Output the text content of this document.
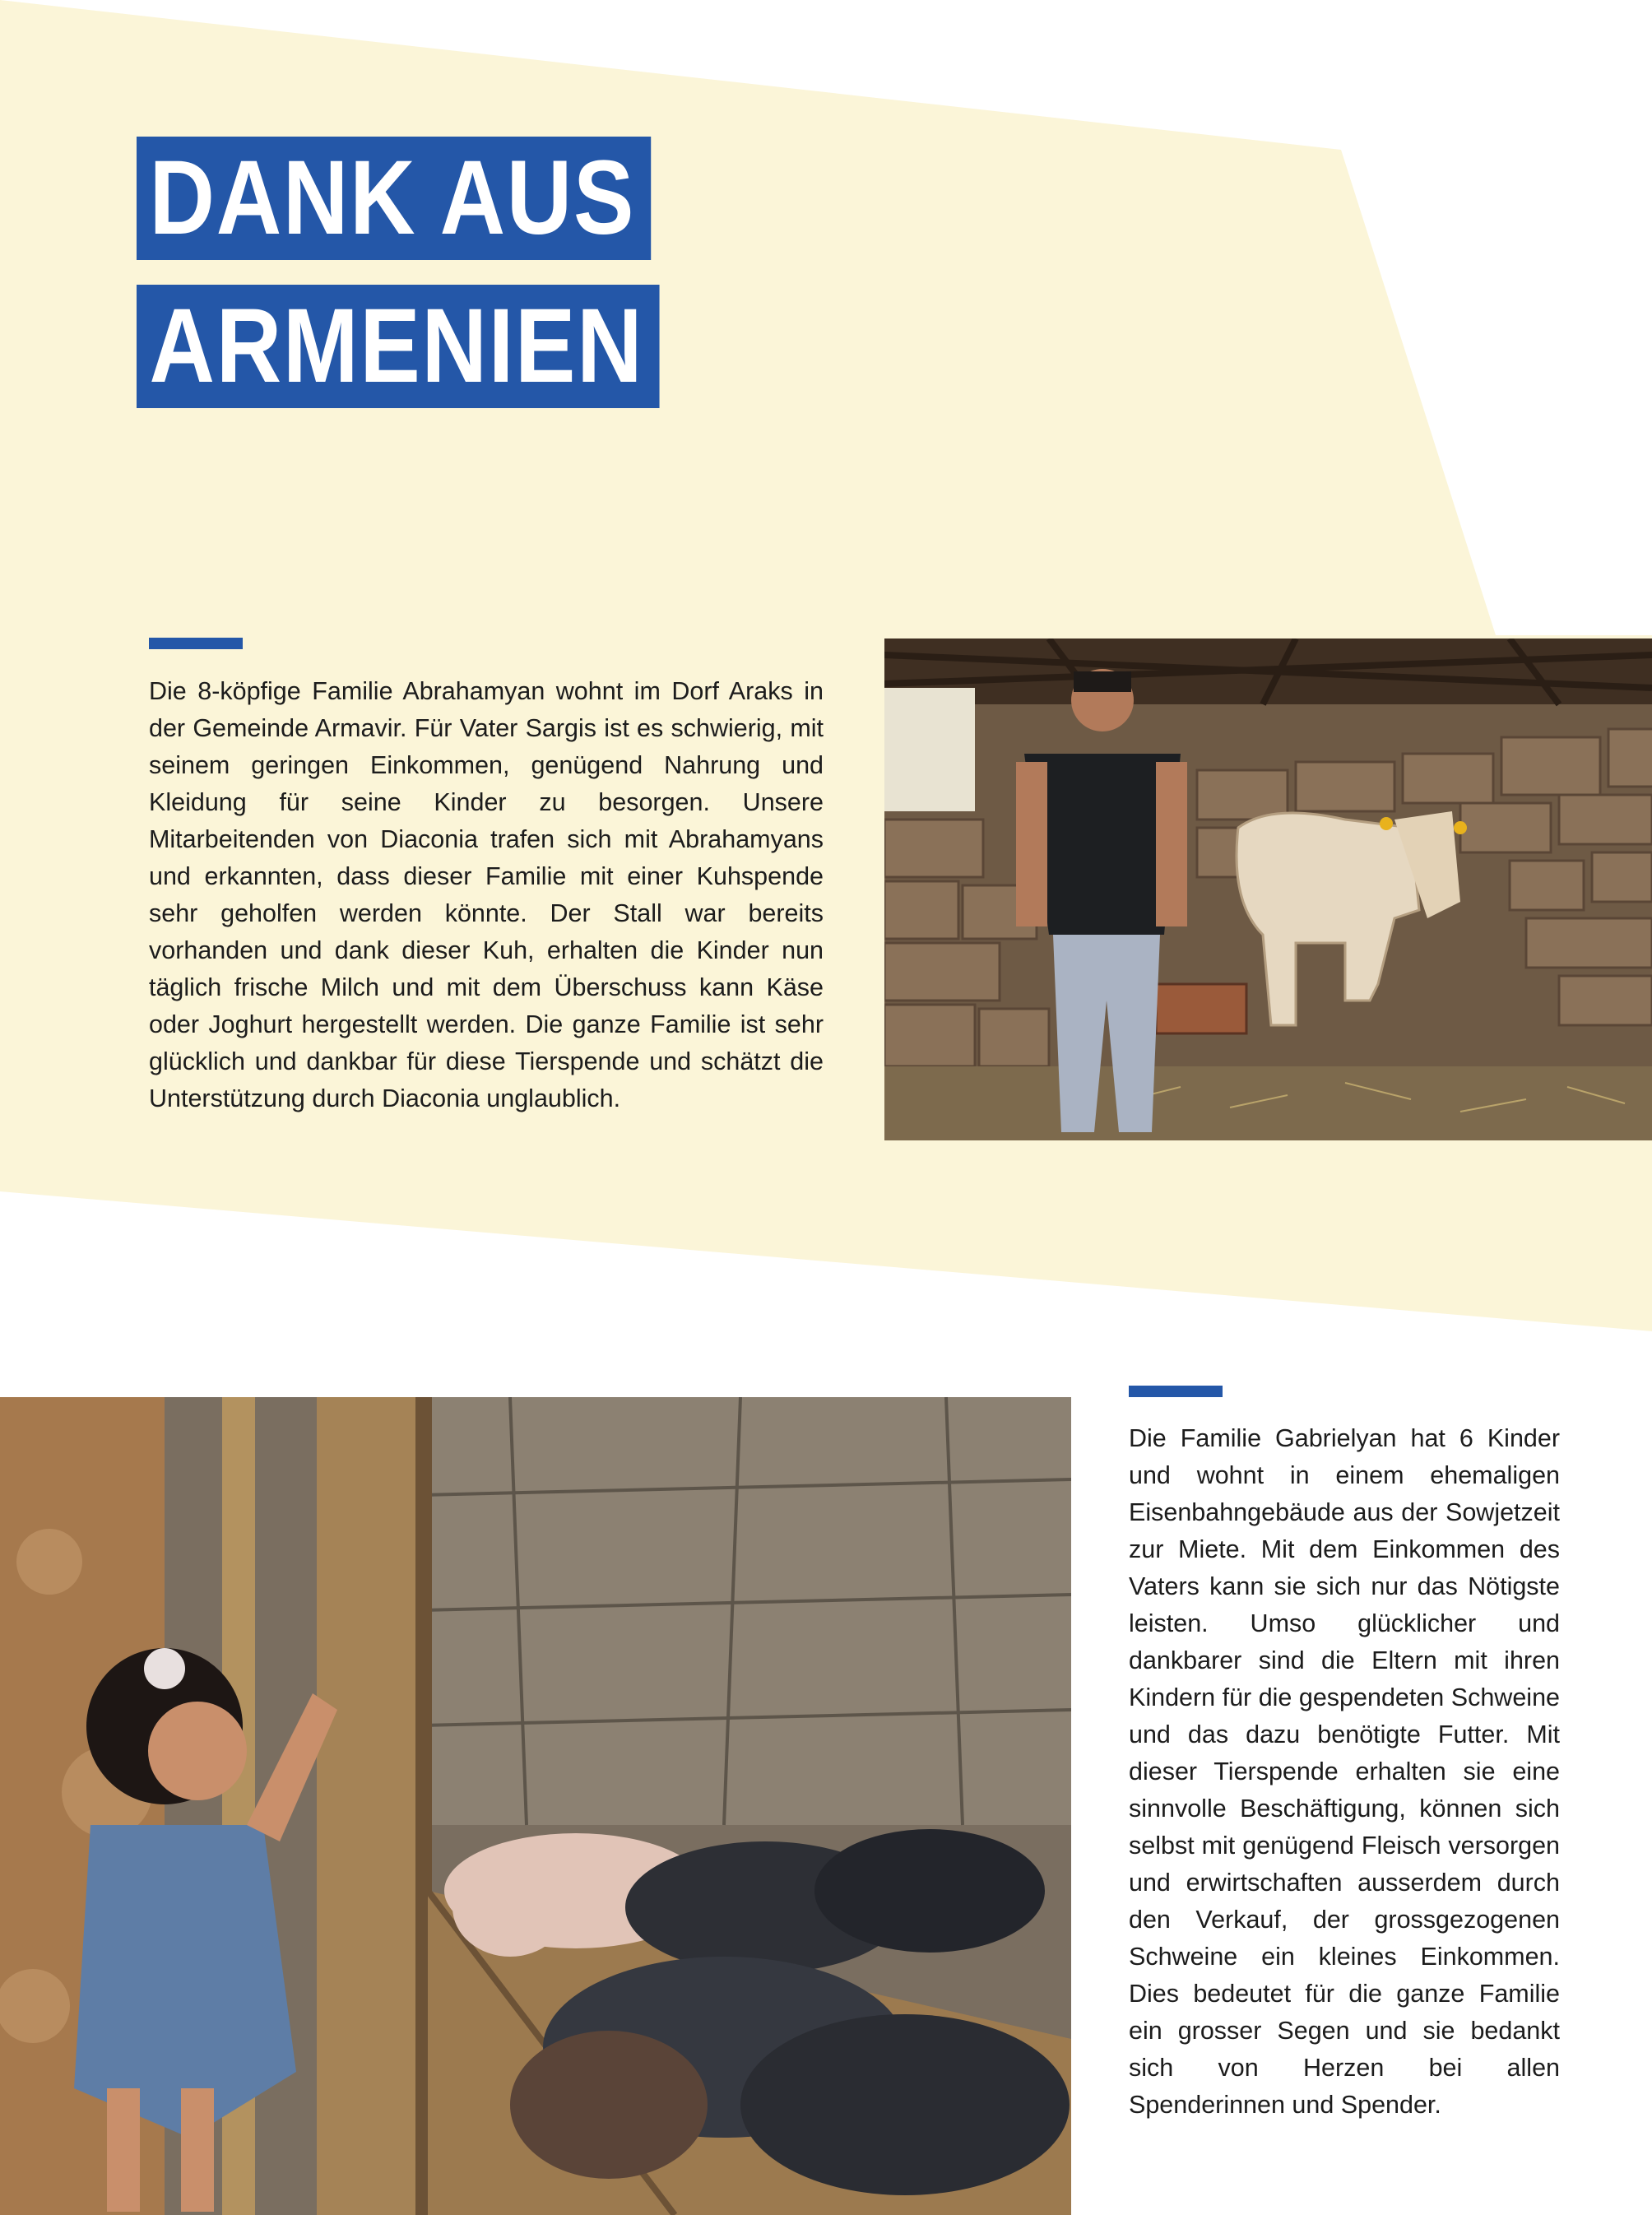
DANK AUS
ARMENIEN
Die 8-köpfige Familie Abrahamyan wohnt im Dorf Araks in der Gemeinde Armavir. Für Vater Sargis ist es schwierig, mit seinem geringen Einkommen, genügend Nahrung und Kleidung für seine Kinder zu besorgen. Unsere Mitarbeitenden von Diaconia trafen sich mit Abrahamyans und erkannten, dass dieser Familie mit einer Kuhspende sehr geholfen werden könnte. Der Stall war bereits vorhanden und dank dieser Kuh, erhalten die Kinder nun täglich frische Milch und mit dem Überschuss kann Käse oder Joghurt hergestellt werden. Die ganze Familie ist sehr glücklich und dankbar für diese Tierspende und schätzt die Unterstützung durch Diaconia unglaublich.
Die Familie Gabrielyan hat 6 Kinder und wohnt in einem ehemaligen Eisenbahngebäude aus der Sowjetzeit zur Miete. Mit dem Einkommen des Vaters kann sie sich nur das Nötigste leisten. Umso glücklicher und dankbarer sind die Eltern mit ihren Kindern für die gespendeten Schweine und das dazu benötigte Futter. Mit dieser Tierspende erhalten sie eine sinnvolle Beschäftigung, können sich selbst mit genügend Fleisch versorgen und erwirtschaften ausserdem durch den Verkauf, der grossgezogenen Schweine ein kleines Einkommen. Dies bedeutet für die ganze Familie ein grosser Segen und sie bedankt sich von Herzen bei allen Spenderinnen und Spender.
